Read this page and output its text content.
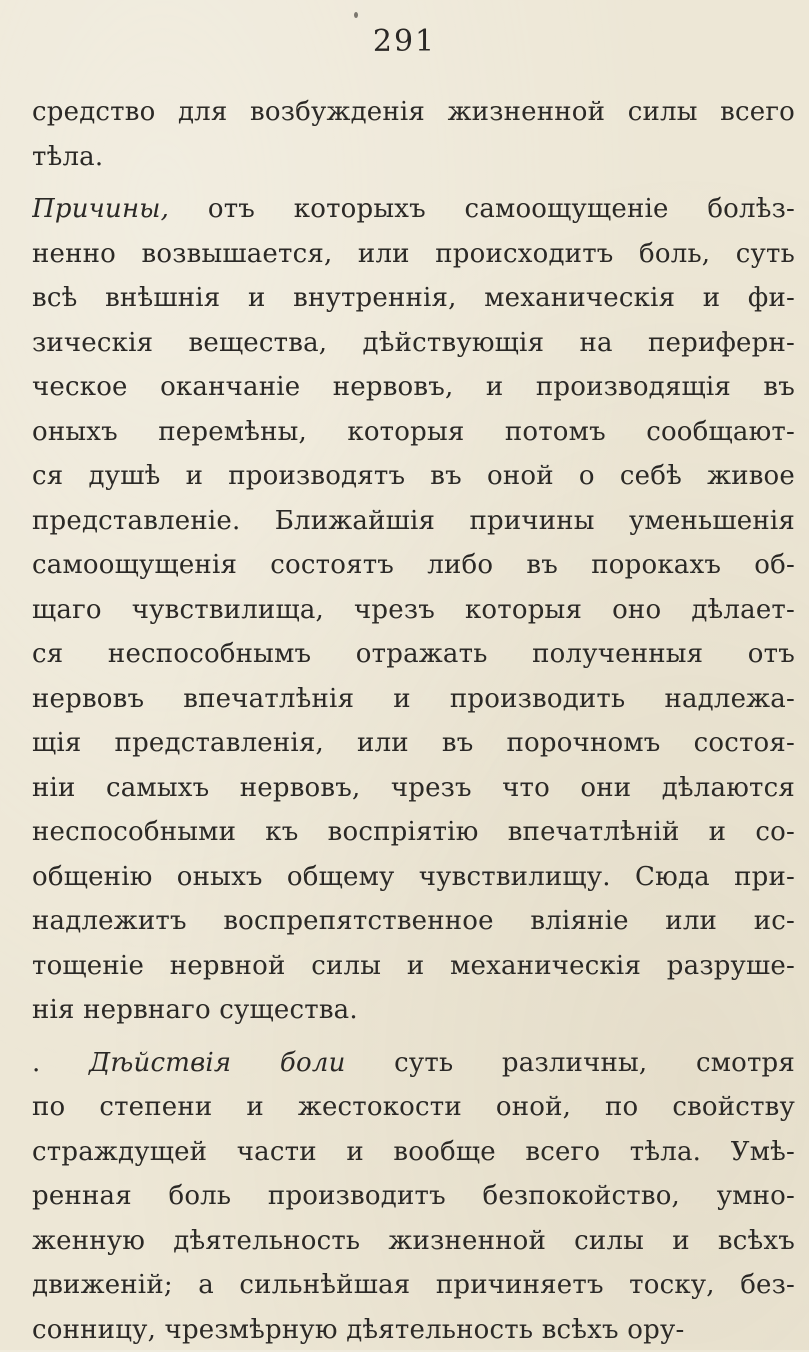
291
средство для возбужденія жизненной силы всего
тѣла.
Причины, отъ которыхъ самоощущеніе болѣз-
ненно возвышается, или происходитъ боль, суть
всѣ внѣшнія и внутреннія, механическія и фи-
зическія вещества, дѣйствующія на периферн-
ческое оканчаніе нервовъ, и производящія въ
оныхъ перемѣны, которыя потомъ сообщают-
ся душѣ и производятъ въ оной о себѣ живое
представленіе. Ближайшія причины уменьшенія
самоощущенія состоятъ либо въ порокахъ об-
щаго чувствилища, чрезъ которыя оно дѣлает-
ся неспособнымъ отражать полученныя отъ
нервовъ впечатлѣнія и производить надлежа-
щія представленія, или въ порочномъ состоя-
ніи самыхъ нервовъ, чрезъ что они дѣлаются
неспособными къ воспріятію впечатлѣній и со-
общенію оныхъ общему чувствилищу. Сюда при-
надлежитъ воспрепятственное вліяніе или ис-
тощеніе нервной силы и механическія разруше-
нія нервнаго существа.
. Дѣйствія боли суть различны, смотря
по степени и жестокости оной, по свойству
страждущей части и вообще всего тѣла. Умѣ-
ренная боль производитъ безпокойство, умно-
женную дѣятельность жизненной силы и всѣхъ
движеній; а сильнѣйшая причиняетъ тоску, без-
сонницу, чрезмѣрную дѣятельность всѣхъ ору-
